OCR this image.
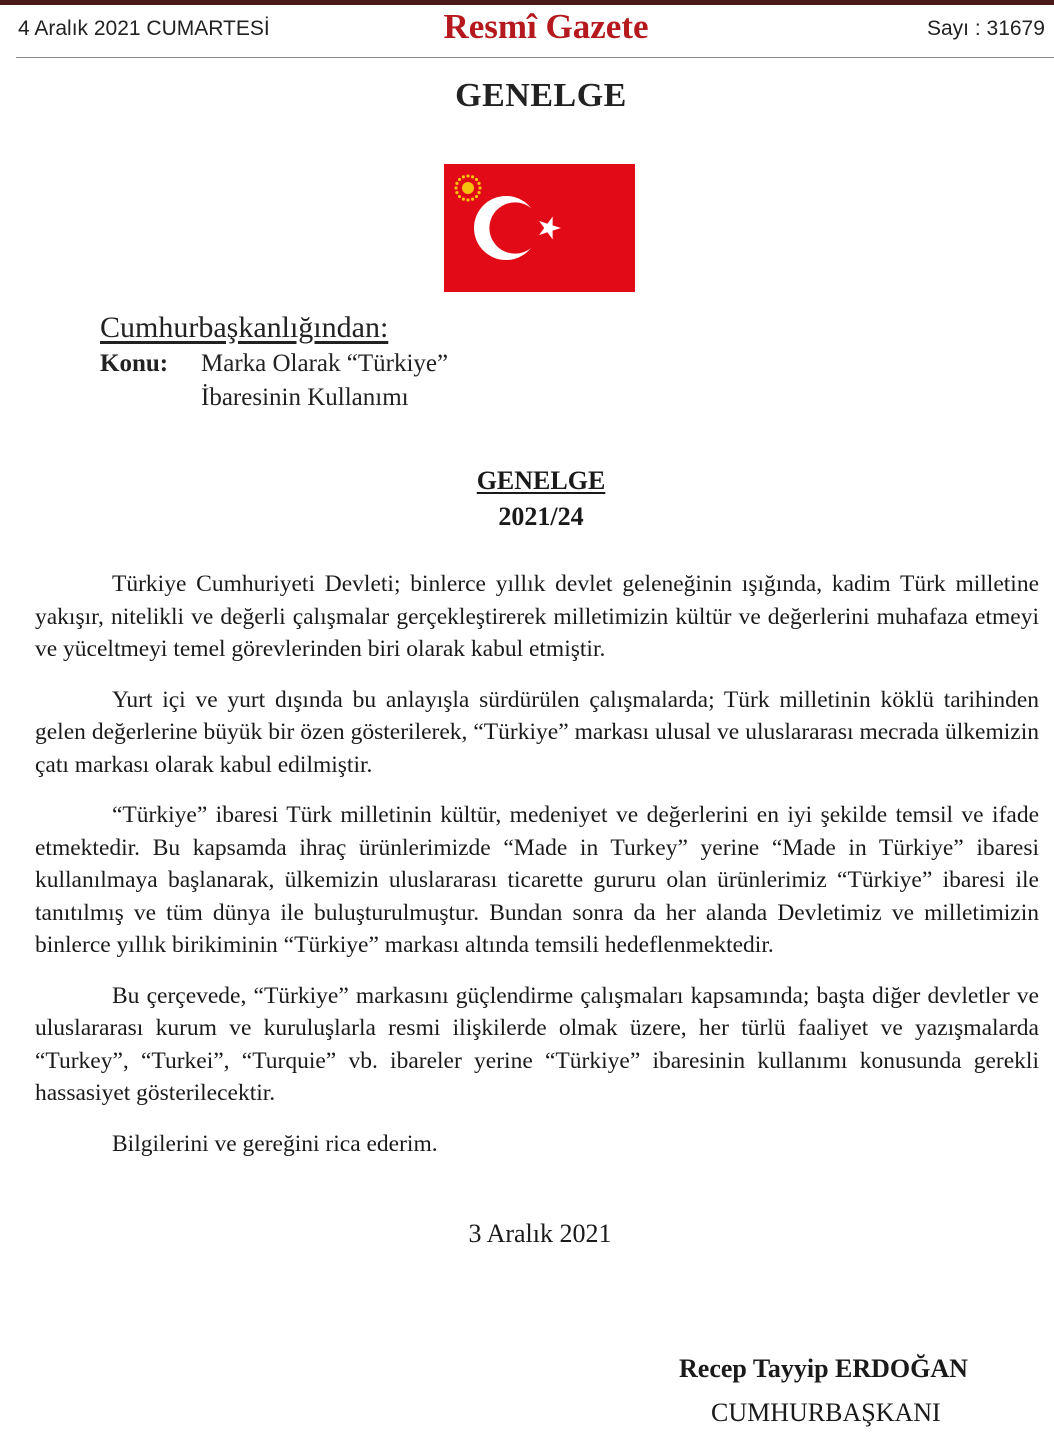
4 Aralık 2021 CUMARTESİ	Resmî Gazete	Sayı : 31679
GENELGE
Cumhurbaşkanlığından:
Konu: Marka Olarak “Türkiye”
İbaresinin Kullanımı
GENELGE
2021/24

Türkiye Cumhuriyeti Devleti; binlerce yıllık devlet geleneğinin ışığında, kadim Türk milletine yakışır, nitelikli ve değerli çalışmalar gerçekleştirerek milletimizin kültür ve değerlerini muhafaza etmeyi ve yüceltmeyi temel görevlerinden biri olarak kabul etmiştir.

Yurt içi ve yurt dışında bu anlayışla sürdürülen çalışmalarda; Türk milletinin köklü tarihinden gelen değerlerine büyük bir özen gösterilerek, “Türkiye” markası ulusal ve uluslararası mecrada ülkemizin çatı markası olarak kabul edilmiştir.

“Türkiye” ibaresi Türk milletinin kültür, medeniyet ve değerlerini en iyi şekilde temsil ve ifade etmektedir. Bu kapsamda ihraç ürünlerimizde “Made in Turkey” yerine “Made in Türkiye” ibaresi kullanılmaya başlanarak, ülkemizin uluslararası ticarette gururu olan ürünlerimiz “Türkiye” ibaresi ile tanıtılmış ve tüm dünya ile buluşturulmuştur. Bundan sonra da her alanda Devletimiz ve milletimizin binlerce yıllık birikiminin “Türkiye” markası altında temsili hedeflenmektedir.

Bu çerçevede, “Türkiye” markasını güçlendirme çalışmaları kapsamında; başta diğer devletler ve uluslararası kurum ve kuruluşlarla resmi ilişkilerde olmak üzere, her türlü faaliyet ve yazışmalarda “Turkey”, “Turkei”, “Turquie” vb. ibareler yerine “Türkiye” ibaresinin kullanımı konusunda gerekli hassasiyet gösterilecektir.

Bilgilerini ve gereğini rica ederim.

3 Aralık 2021
Recep Tayyip ERDOĞAN
CUMHURBAŞKANI
